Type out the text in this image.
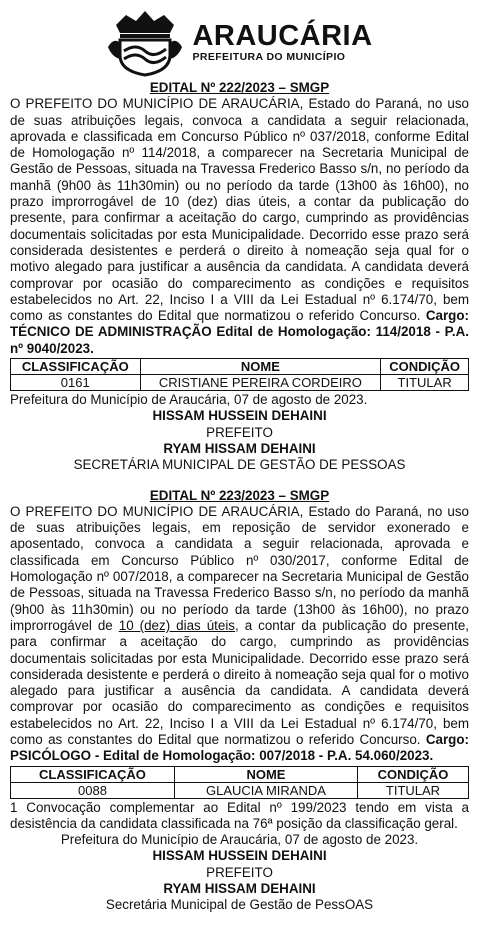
ARAUCÁRIA
PREFEITURA DO MUNICÍPIO
EDITAL Nº 222/2023 – SMGP
O PREFEITO DO MUNICÍPIO DE ARAUCÁRIA, Estado do Paraná, no uso de suas atribuições legais, convoca a candidata a seguir relacionada, aprovada e classificada em Concurso Público nº 037/2018, conforme Edital de Homologação nº 114/2018, a comparecer na Secretaria Municipal de Gestão de Pessoas, situada na Travessa Frederico Basso s/n, no período da manhã (9h00 às 11h30min) ou no período da tarde (13h00 às 16h00), no prazo improrrogável de 10 (dez) dias úteis, a contar da publicação do presente, para confirmar a aceitação do cargo, cumprindo as providências documentais solicitadas por esta Municipalidade. Decorrido esse prazo será considerada desistentes e perderá o direito à nomeação seja qual for o motivo alegado para justificar a ausência da candidata. A candidata deverá comprovar por ocasião do comparecimento as condições e requisitos estabelecidos no Art. 22, Inciso I a VIII da Lei Estadual nº 6.174/70, bem como as constantes do Edital que normatizou o referido Concurso. Cargo: TÉCNICO DE ADMINISTRAÇÃO Edital de Homologação: 114/2018 - P.A. nº 9040/2023.
CLASSIFICAÇÃO	NOME	CONDIÇÃO
0161	CRISTIANE PEREIRA CORDEIRO	TITULAR
Prefeitura do Município de Araucária, 07 de agosto de 2023.
HISSAM HUSSEIN DEHAINI
PREFEITO
RYAM HISSAM DEHAINI
SECRETÁRIA MUNICIPAL DE GESTÃO DE PESSOAS
EDITAL Nº 223/2023 – SMGP
O PREFEITO DO MUNICÍPIO DE ARAUCÁRIA, Estado do Paraná, no uso de suas atribuições legais, em reposição de servidor exonerado e aposentado, convoca a candidata a seguir relacionada, aprovada e classificada em Concurso Público nº 030/2017, conforme Edital de Homologação nº 007/2018, a comparecer na Secretaria Municipal de Gestão de Pessoas, situada na Travessa Frederico Basso s/n, no período da manhã (9h00 às 11h30min) ou no período da tarde (13h00 às 16h00), no prazo improrrogável de 10 (dez) dias úteis, a contar da publicação do presente, para confirmar a aceitação do cargo, cumprindo as providências documentais solicitadas por esta Municipalidade. Decorrido esse prazo será considerada desistente e perderá o direito à nomeação seja qual for o motivo alegado para justificar a ausência da candidata. A candidata deverá comprovar por ocasião do comparecimento as condições e requisitos estabelecidos no Art. 22, Inciso I a VIII da Lei Estadual nº 6.174/70, bem como as constantes do Edital que normatizou o referido Concurso. Cargo: PSICÓLOGO - Edital de Homologação: 007/2018 - P.A. 54.060/2023.
CLASSIFICAÇÃO	NOME	CONDIÇÃO
0088	GLAUCIA MIRANDA	TITULAR
1 Convocação complementar ao Edital nº 199/2023 tendo em vista a desistência da candidata classificada na 76ª posição da classificação geral.
Prefeitura do Município de Araucária, 07 de agosto de 2023.
HISSAM HUSSEIN DEHAINI
PREFEITO
RYAM HISSAM DEHAINI
Secretária Municipal de Gestão de PessOAS
